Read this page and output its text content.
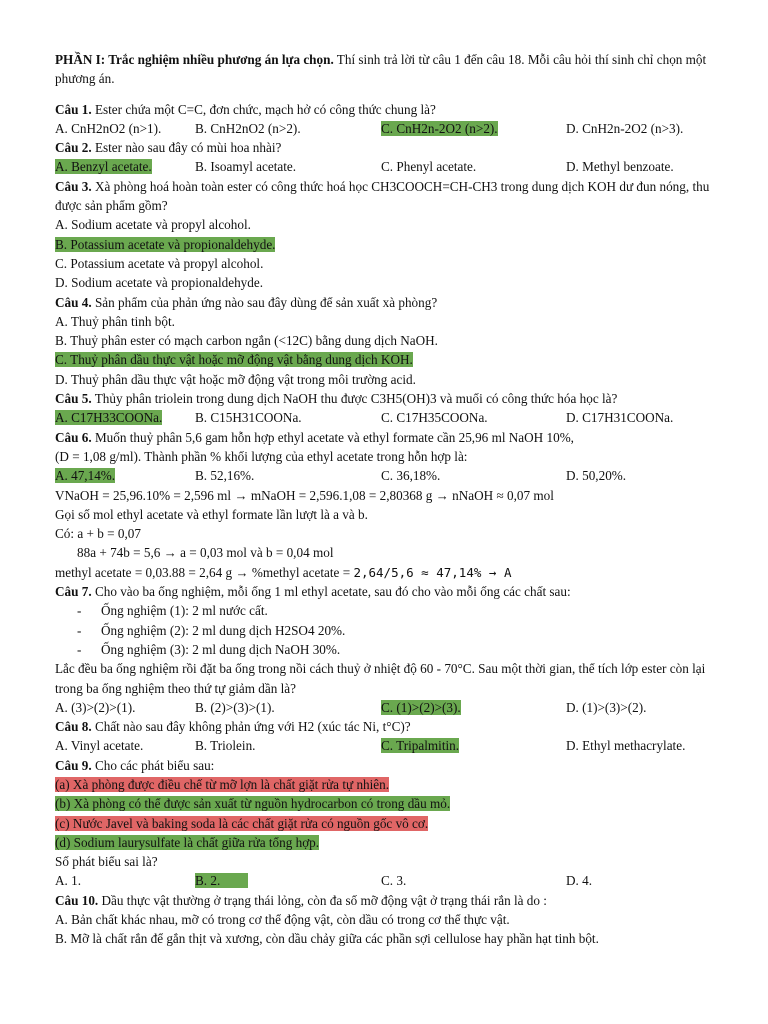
PHẦN I: Trắc nghiệm nhiều phương án lựa chọn. Thí sinh trả lời từ câu 1 đến câu 18. Mỗi câu hỏi thí sinh chỉ chọn một phương án.
Câu 1. Ester chứa một C=C, đơn chức, mạch hở có công thức chung là?
A. CnH2nO2 (n>1).	B. CnH2nO2 (n>2).	C. CnH2n-2O2 (n>2).	D. CnH2n-2O2 (n>3).
Câu 2. Ester nào sau đây có mùi hoa nhài?
A. Benzyl acetate.	B. Isoamyl acetate.	C. Phenyl acetate.	D. Methyl benzoate.
Câu 3. Xà phòng hoá hoàn toàn ester có công thức hoá học CH3COOCH=CH-CH3 trong dung dịch KOH dư đun nóng, thu được sản phẩm gồm?
A. Sodium acetate và propyl alcohol.
B. Potassium acetate và propionaldehyde.
C. Potassium acetate và propyl alcohol.
D. Sodium acetate và propionaldehyde.
Câu 4. Sản phẩm của phản ứng nào sau đây dùng để sản xuất xà phòng?
A. Thuỷ phân tinh bột.
B. Thuỷ phân ester có mạch carbon ngắn (<12C) bằng dung dịch NaOH.
C. Thuỷ phân dầu thực vật hoặc mỡ động vật bằng dung dịch KOH.
D. Thuỷ phân dầu thực vật hoặc mỡ động vật trong môi trường acid.
Câu 5. Thủy phân triolein trong dung dịch NaOH thu được C3H5(OH)3 và muối có công thức hóa học là?
A. C17H33COONa.	B. C15H31COONa.	C. C17H35COONa.	D. C17H31COONa.
Câu 6. Muốn thuỷ phân 5,6 gam hỗn hợp ethyl acetate và ethyl formate cần 25,96 ml NaOH 10%,
(D = 1,08 g/ml). Thành phần % khối lượng của ethyl acetate trong hỗn hợp là:
A. 47,14%.	B. 52,16%.	C. 36,18%.	D. 50,20%.
VNaOH = 25,96.10% = 2,596 ml → mNaOH = 2,596.1,08 = 2,80368 g → nNaOH ≈ 0,07 mol
Gọi số mol ethyl acetate và ethyl formate lần lượt là a và b.
Có: a + b = 0,07
88a + 74b = 5,6 → a = 0,03 mol và b = 0,04 mol
methyl acetate = 0,03.88 = 2,64 g → %methyl acetate = 2,64/5,6 ≈ 47,14% → A
Câu 7. Cho vào ba ống nghiệm, mỗi ống 1 ml ethyl acetate, sau đó cho vào mỗi ống các chất sau:
- Ống nghiệm (1): 2 ml nước cất.
- Ống nghiệm (2): 2 ml dung dịch H2SO4 20%.
- Ống nghiệm (3): 2 ml dung dịch NaOH 30%.
Lắc đều ba ống nghiệm rồi đặt ba ống trong nồi cách thuỷ ở nhiệt độ 60 - 70°C. Sau một thời gian, thể tích lớp ester còn lại trong ba ống nghiệm theo thứ tự giảm dần là?
A. (3)>(2)>(1).	B. (2)>(3)>(1).	C. (1)>(2)>(3).	D. (1)>(3)>(2).
Câu 8. Chất nào sau đây không phản ứng với H2 (xúc tác Ni, t°C)?
A. Vinyl acetate.	B. Triolein.	C. Tripalmitin.	D. Ethyl methacrylate.
Câu 9. Cho các phát biểu sau:
(a) Xà phòng được điều chế từ mỡ lợn là chất giặt rửa tự nhiên.
(b) Xà phòng có thể được sản xuất từ nguồn hydrocarbon có trong dầu mỏ.
(c) Nước Javel và baking soda là các chất giặt rửa có nguồn gốc vô cơ.
(d) Sodium laurysulfate là chất giữa rửa tổng hợp.
Số phát biểu sai là?
A. 1.	B. 2.	C. 3.	D. 4.
Câu 10. Dầu thực vật thường ở trạng thái lỏng, còn đa số mỡ động vật ở trạng thái rắn là do :
A. Bản chất khác nhau, mỡ có trong cơ thể động vật, còn dầu có trong cơ thể thực vật.
B. Mỡ là chất rắn để gắn thịt và xương, còn dầu chảy giữa các phần sợi cellulose hay phần hạt tinh bột.
